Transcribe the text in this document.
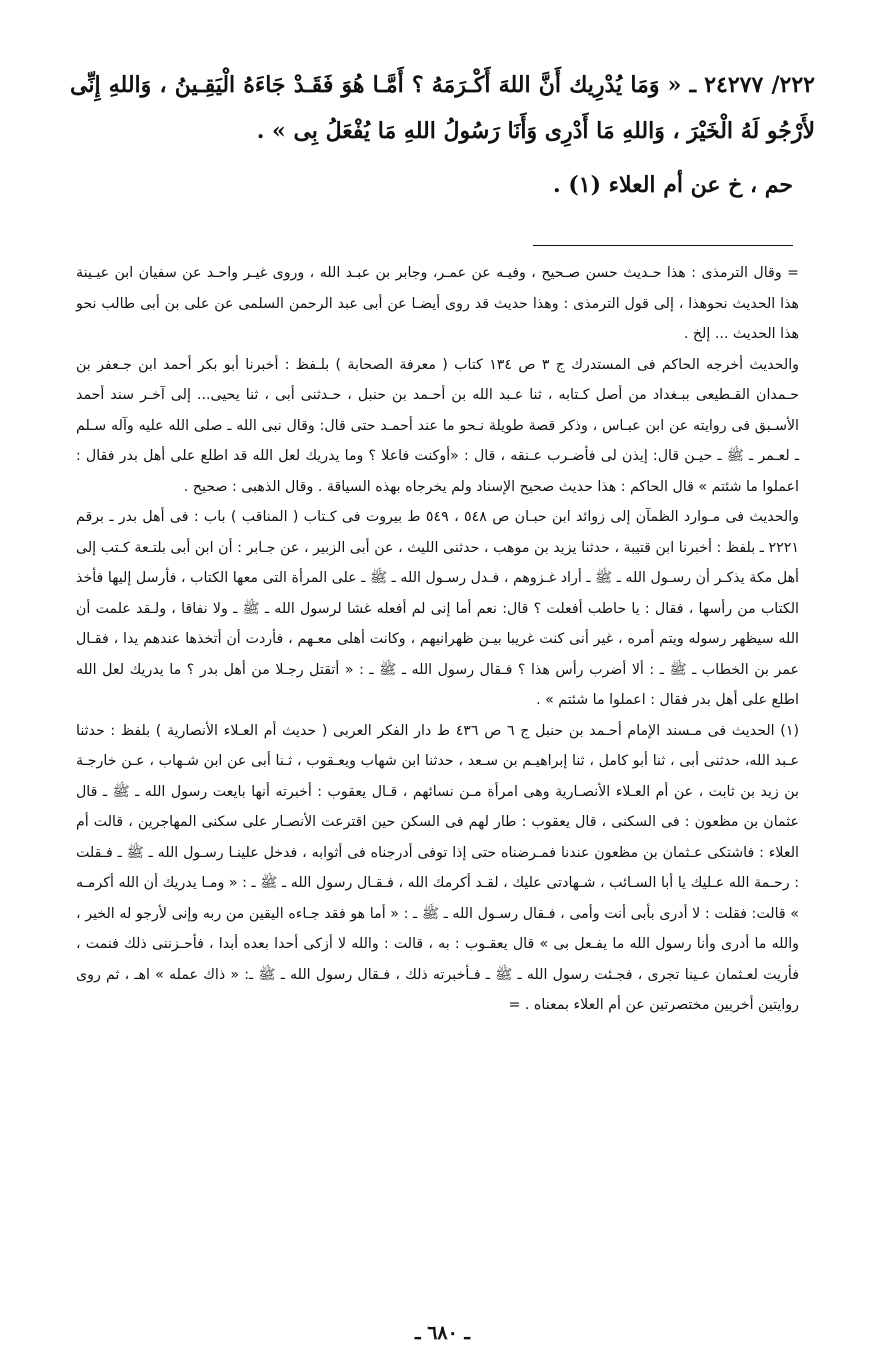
٢٢٢/ ٢٤٢٧٧ ـ « وَمَا يُدْرِيك أَنَّ اللهَ أَكْـرَمَهُ ؟ أَمَّـا هُوَ فَقَـدْ جَاءَهُ الْيَقِـينُ ، وَاللهِ إِنِّى لأَرْجُو لَهُ الْخَيْرَ ، وَاللهِ مَا أَدْرِى وَأَنَا رَسُولُ اللهِ مَا يُفْعَلُ بِى » .

حم ، خ عن أم العلاء (١) .

= وقال الترمذى : هذا حـديث حسن صـحيح ، وفيـه عن عمـر، وجابر بن عبـد الله ، وروى غيـر واحـد عن سفيان ابن عيـينة هذا الحديث نحوهذا ، إلى قول الترمذى : وهذا حديث قد روى أيضـا عن أبى عبد الرحمن السلمى عن على بن أبى طالب نحو هذا الحديث ... إلخ .

والحديث أخرجه الحاكم فى المستدرك ج ٣ ص ١٣٤ كتاب ( معرفة الصحابة ) بلـفظ : أخبرنا أبو بكر أحمد ابن جـعفر بن حـمدان القـطيعى ببـغداد من أصل كـتابه ، ثنا عـبد الله بن أحـمد بن حنبل ، حـدثنى أبى ، ثنا يحيى... إلى آخـر سند أحمد الأسـبق فى روايته عن ابن عبـاس ، وذكر قصة طويلة نـحو ما عند أحمـد حتى قال: وقال نبى الله ـ صلى الله عليه وآله سـلم ـ لعـمر ـ ﷺ ـ حيـن قال: إيذن لى فأضـرب عـنقه ، قال : «أوكنت فاعلا ؟ وما يدريك لعل الله قد اطلع على أهل بدر فقال : اعملوا ما شئتم » قال الحاكم : هذا حديث صحيح الإسناد ولم يخرجاه بهذه السياقة . وقال الذهبى : صحيح .

والحديث فى مـوارد الظمآن إلى زوائد ابن حبـان ص ٥٤٨ ، ٥٤٩ ط بيروت فى كـتاب ( المناقب ) باب : فى أهل بدر ـ برقم ٢٢٢١ ـ بلفظ : أخبرنا ابن قتيبة ، حدثنا يزيد بن موهب ، حدثنى الليث ، عن أبى الزبير ، عن جـابر : أن ابن أبى بلتـعة كـتب إلى أهل مكة يذكـر أن رسـول الله ـ ﷺ ـ أراد غـزوهم ، فـدل رسـول الله ـ ﷺ ـ على المرأة التى معها الكتاب ، فأرسل إليها فأخذ الكتاب من رأسها ، فقال : يا حاطب أفعلت ؟ قال: نعم أما إنى لم أفعله غشا لرسول الله ـ ﷺ ـ ولا نفاقا ، ولـقد علمت أن الله سيظهر رسوله ويتم أمره ، غير أنى كنت غريبا بيـن ظهرانيهم ، وكانت أهلى معـهم ، فأردت أن أتخذها عندهم يدا ، فقـال عمر بن الخطاب ـ ﷺ ـ : ألا أضرب رأس هذا ؟ فـقال رسول الله ـ ﷺ ـ : « أتقتل رجـلا من أهل بدر ؟ ما يدريك لعل الله اطلع على أهل بدر فقال : اعملوا ما شئتم » .

(١) الحديث فى مـسند الإمام أحـمد بن حنبل ج ٦ ص ٤٣٦ ط دار الفكر العربى ( حديث أم العـلاء الأنصارية ) بلفظ : حدثنا عـبد الله، حدثنى أبى ، ثنا أبو كامل ، ثنا إبراهيـم بن سـعد ، حدثنا ابن شهاب ويعـقوب ، ثـنا أبى عن ابن شـهاب ، عـن خارجـة بن زيد بن ثابت ، عن أم العـلاء الأنصـارية وهى امرأة مـن نسائهم ، قـال يعقوب : أخبرته أنها بايعت رسول الله ـ ﷺ ـ قال عثمان بن مظعون : فى السكنى ، قال يعقوب : طار لهم فى السكن حين اقترعت الأنصـار على سكنى المهاجرين ، قالت أم العلاء : فاشتكى عـثمان بن مظعون عندنا فمـرضناه حتى إذا توفى أدرجناه فى أثوابه ، فدخل علينـا رسـول الله ـ ﷺ ـ فـقلت : رحـمة الله عـليك يا أبا السـائب ، شـهادتى عليك ، لقـد أكرمك الله ، فـقـال رسول الله ـ ﷺ ـ : « ومـا يدريك أن الله أكرمـه » قالت: فقلت : لا أدرى بأبى أنت وأمى ، فـقال رسـول الله ـ ﷺ ـ : « أما هو فقد جـاءه اليقين من ربه وإنى لأرجو له الخير ، والله ما أدرى وأنا رسول الله ما يفـعل بى » قال يعقـوب : به ، قالت : والله لا أزكى أحدا بعده أبدا ، فأحـزننى ذلك فنمت ، فأريت لعـثمان عـينا تجرى ، فجـئت رسول الله ـ ﷺ ـ فـأخبرته ذلك ، فـقال رسول الله ـ ﷺ ـ: « ذاك عمله » اهـ ، ثم روى روايتين أخريين مختصرتين عن أم العلاء بمعناه . =

ـ ٦٨٠ ـ
